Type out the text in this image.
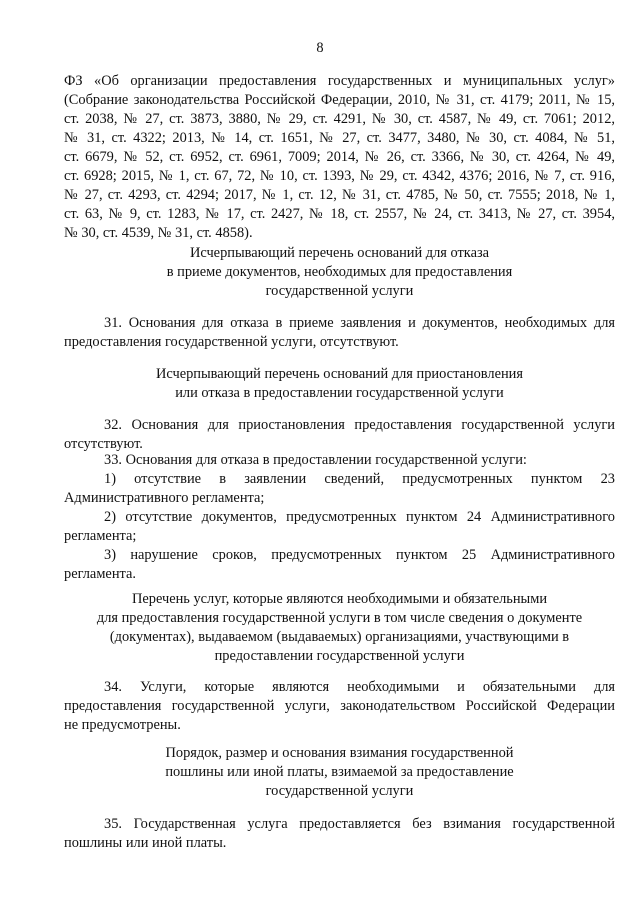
8
ФЗ «Об организации предоставления государственных и муниципальных услуг»
(Собрание законодательства Российской Федерации, 2010, № 31, ст. 4179; 2011, № 15,
ст. 2038, № 27, ст. 3873, 3880, № 29, ст. 4291, № 30, ст. 4587, № 49, ст. 7061; 2012,
№ 31, ст. 4322; 2013, № 14, ст. 1651, № 27, ст. 3477, 3480, № 30, ст. 4084, № 51,
ст. 6679, № 52, ст. 6952, ст. 6961, 7009; 2014, № 26, ст. 3366, № 30, ст. 4264, № 49,
ст. 6928; 2015, № 1, ст. 67, 72, № 10, ст. 1393, № 29, ст. 4342, 4376; 2016, № 7, ст. 916,
№ 27, ст. 4293, ст. 4294; 2017, № 1, ст. 12, № 31, ст. 4785, № 50, ст. 7555; 2018, № 1,
ст. 63, № 9, ст. 1283, № 17, ст. 2427, № 18, ст. 2557, № 24, ст. 3413, № 27, ст. 3954,
№ 30, ст. 4539, № 31, ст. 4858).
Исчерпывающий перечень оснований для отказа
в приеме документов, необходимых для предоставления
государственной услуги
31. Основания для отказа в приеме заявления и документов, необходимых для
предоставления государственной услуги, отсутствуют.
Исчерпывающий перечень оснований для приостановления
или отказа в предоставлении государственной услуги
32. Основания для приостановления предоставления государственной услуги
отсутствуют.
33. Основания для отказа в предоставлении государственной услуги:
1) отсутствие в заявлении сведений, предусмотренных пунктом 23
Административного регламента;
2) отсутствие документов, предусмотренных пунктом 24 Административного
регламента;
3) нарушение сроков, предусмотренных пунктом 25 Административного
регламента.
Перечень услуг, которые являются необходимыми и обязательными
для предоставления государственной услуги в том числе сведения о документе
(документах), выдаваемом (выдаваемых) организациями, участвующими в
предоставлении государственной услуги
34. Услуги, которые являются необходимыми и обязательными для
предоставления государственной услуги, законодательством Российской Федерации
не предусмотрены.
Порядок, размер и основания взимания государственной
пошлины или иной платы, взимаемой за предоставление
государственной услуги
35. Государственная услуга предоставляется без взимания государственной
пошлины или иной платы.
